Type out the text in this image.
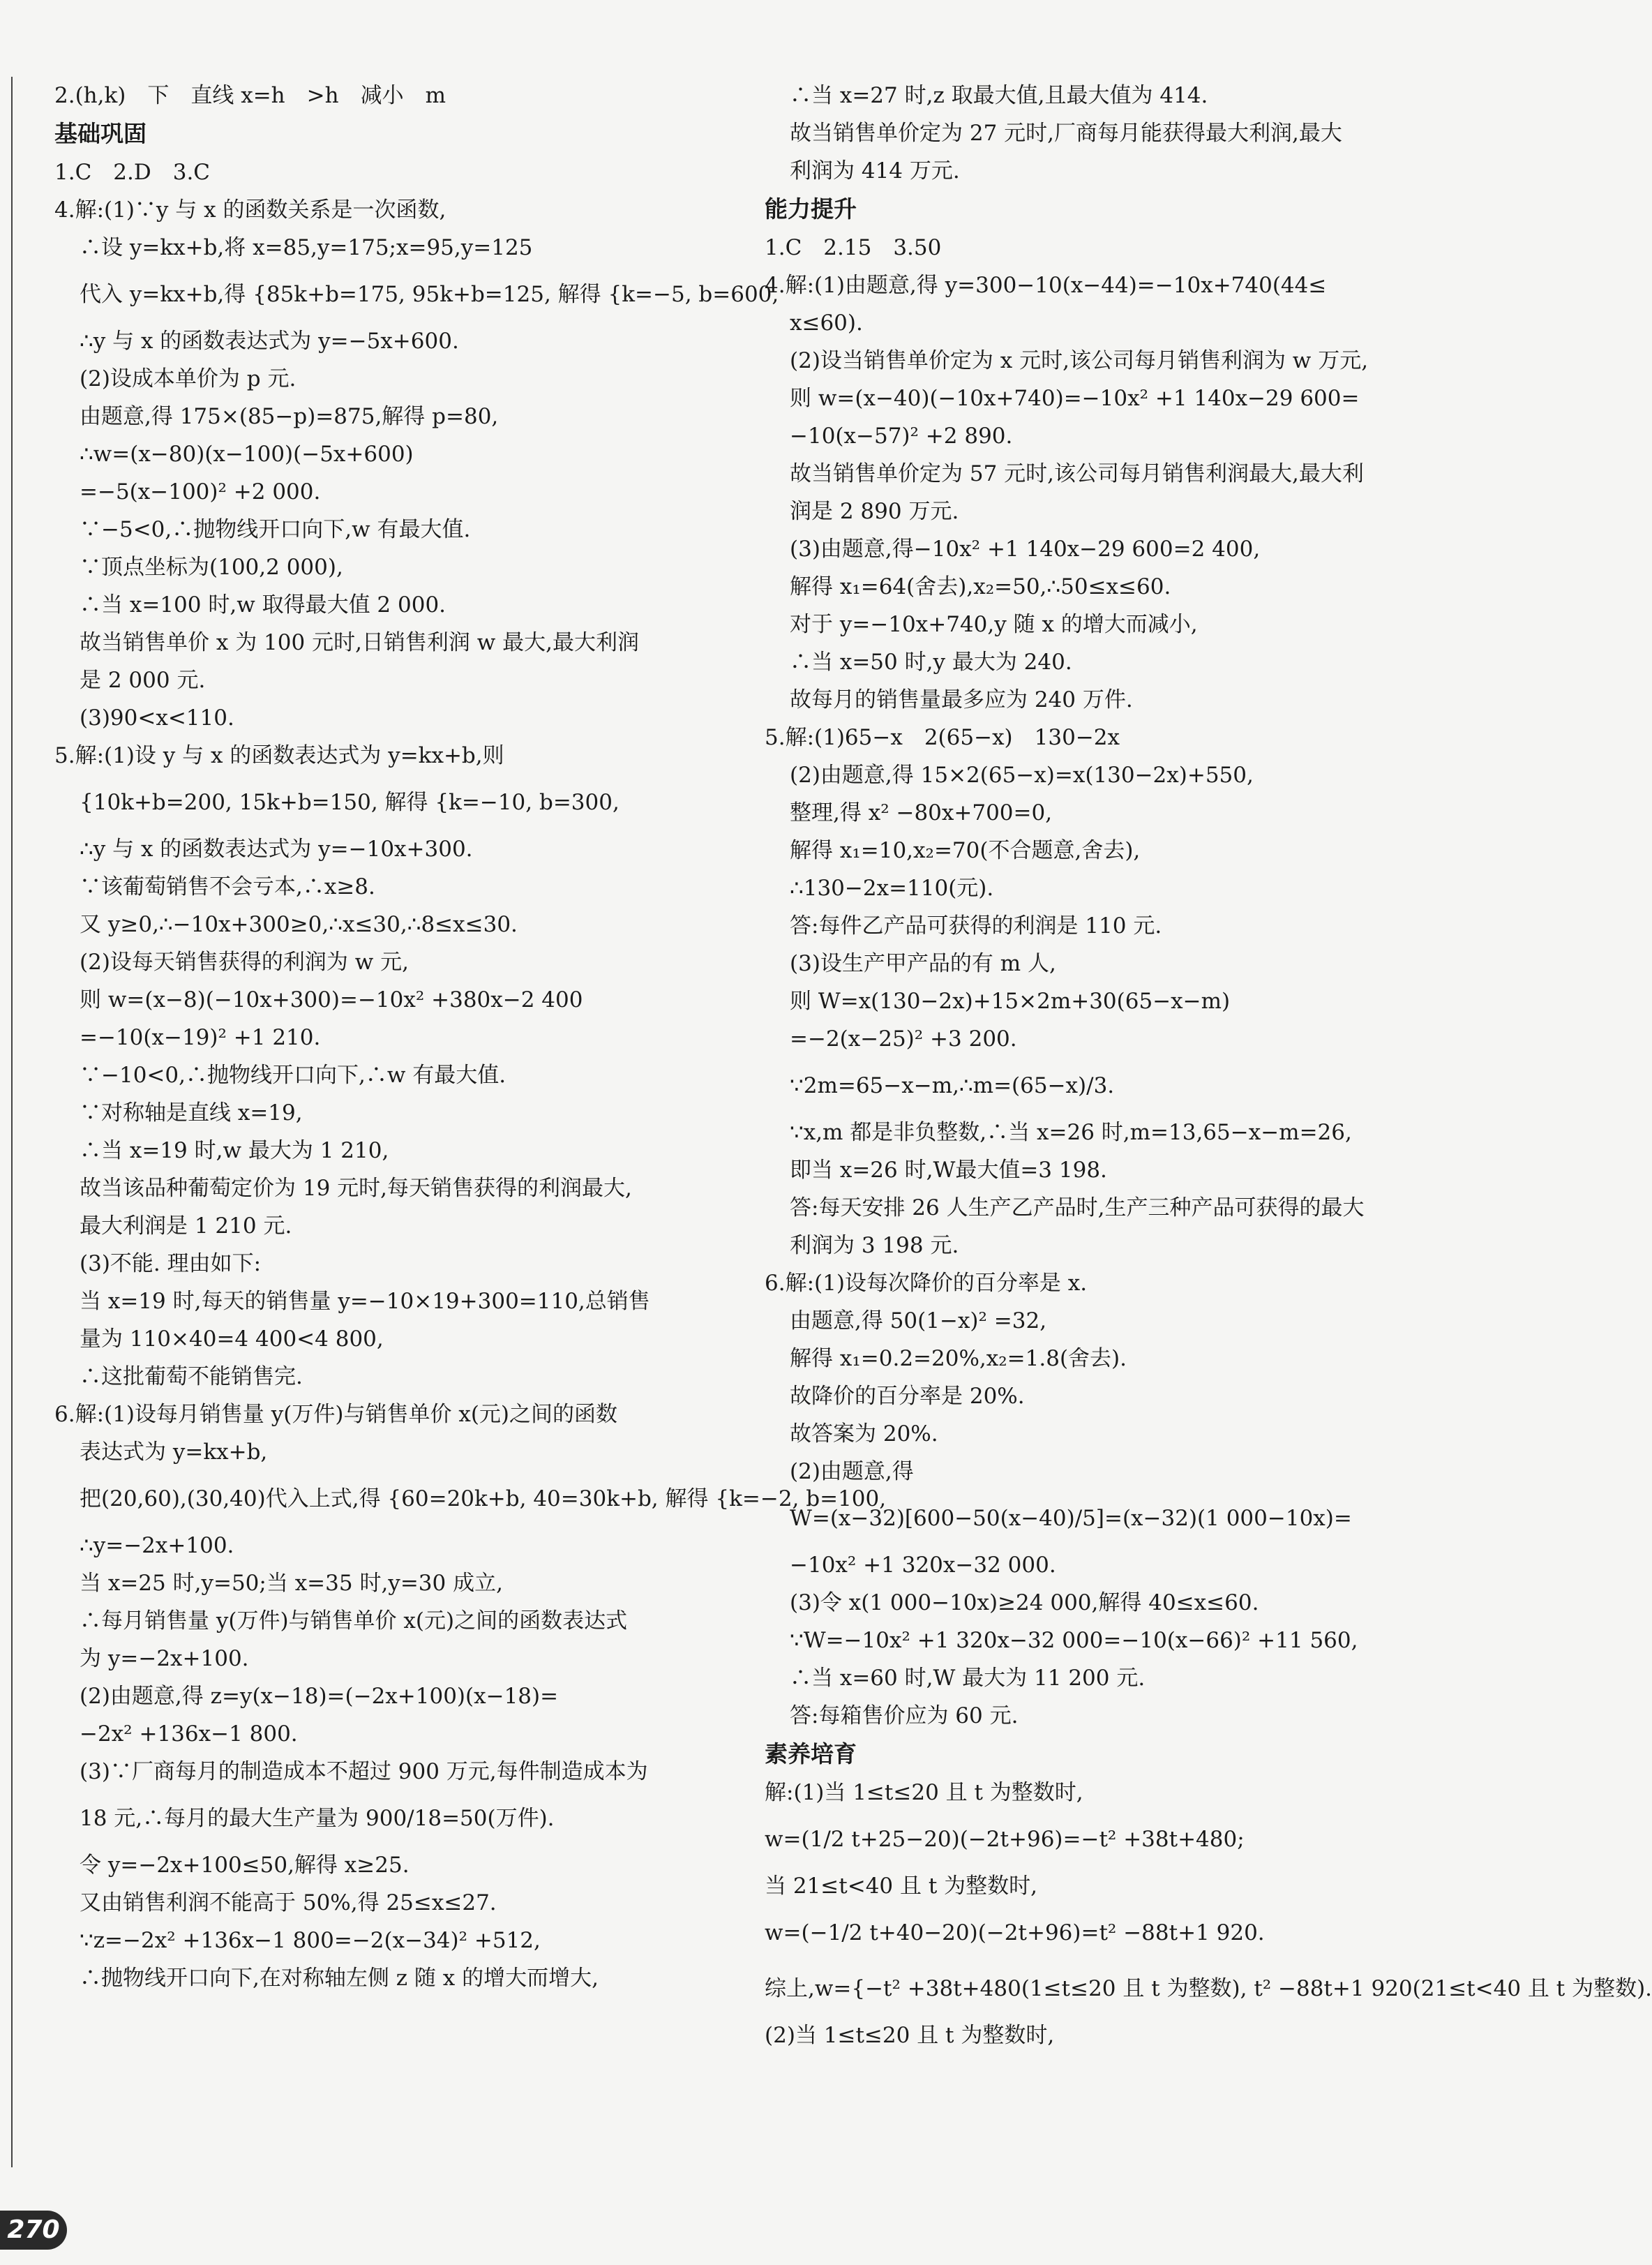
2.(h,k)　下　直线 x=h　>h　减小　m
基础巩固
1.C　2.D　3.C
4.解:(1)∵y 与 x 的函数关系是一次函数,
∴设 y=kx+b,将 x=85,y=175;x=95,y=125
代入 y=kx+b,得 {85k+b=175, 95k+b=125, 解得 {k=−5, b=600,
∴y 与 x 的函数表达式为 y=−5x+600.
(2)设成本单价为 p 元.
由题意,得 175×(85−p)=875,解得 p=80,
∴w=(x−80)(x−100)(−5x+600)
=−5(x−100)² +2 000.
∵−5<0,∴抛物线开口向下,w 有最大值.
∵顶点坐标为(100,2 000),
∴当 x=100 时,w 取得最大值 2 000.
故当销售单价 x 为 100 元时,日销售利润 w 最大,最大利润
是 2 000 元.
(3)90<x<110.
5.解:(1)设 y 与 x 的函数表达式为 y=kx+b,则
{10k+b=200, 15k+b=150, 解得 {k=−10, b=300,
∴y 与 x 的函数表达式为 y=−10x+300.
∵该葡萄销售不会亏本,∴x≥8.
又 y≥0,∴−10x+300≥0,∴x≤30,∴8≤x≤30.
(2)设每天销售获得的利润为 w 元,
则 w=(x−8)(−10x+300)=−10x² +380x−2 400
=−10(x−19)² +1 210.
∵−10<0,∴抛物线开口向下,∴w 有最大值.
∵对称轴是直线 x=19,
∴当 x=19 时,w 最大为 1 210,
故当该品种葡萄定价为 19 元时,每天销售获得的利润最大,
最大利润是 1 210 元.
(3)不能. 理由如下:
当 x=19 时,每天的销售量 y=−10×19+300=110,总销售
量为 110×40=4 400<4 800,
∴这批葡萄不能销售完.
6.解:(1)设每月销售量 y(万件)与销售单价 x(元)之间的函数
表达式为 y=kx+b,
把(20,60),(30,40)代入上式,得 {60=20k+b, 40=30k+b, 解得 {k=−2, b=100,
∴y=−2x+100.
当 x=25 时,y=50;当 x=35 时,y=30 成立,
∴每月销售量 y(万件)与销售单价 x(元)之间的函数表达式
为 y=−2x+100.
(2)由题意,得 z=y(x−18)=(−2x+100)(x−18)=
−2x² +136x−1 800.
(3)∵厂商每月的制造成本不超过 900 万元,每件制造成本为
18 元,∴每月的最大生产量为 900/18=50(万件).
令 y=−2x+100≤50,解得 x≥25.
又由销售利润不能高于 50%,得 25≤x≤27.
∵z=−2x² +136x−1 800=−2(x−34)² +512,
∴抛物线开口向下,在对称轴左侧 z 随 x 的增大而增大,
∴当 x=27 时,z 取最大值,且最大值为 414.
故当销售单价定为 27 元时,厂商每月能获得最大利润,最大
利润为 414 万元.
能力提升
1.C　2.15　3.50
4.解:(1)由题意,得 y=300−10(x−44)=−10x+740(44≤
x≤60).
(2)设当销售单价定为 x 元时,该公司每月销售利润为 w 万元,
则 w=(x−40)(−10x+740)=−10x² +1 140x−29 600=
−10(x−57)² +2 890.
故当销售单价定为 57 元时,该公司每月销售利润最大,最大利
润是 2 890 万元.
(3)由题意,得−10x² +1 140x−29 600=2 400,
解得 x₁=64(舍去),x₂=50,∴50≤x≤60.
对于 y=−10x+740,y 随 x 的增大而减小,
∴当 x=50 时,y 最大为 240.
故每月的销售量最多应为 240 万件.
5.解:(1)65−x　2(65−x)　130−2x
(2)由题意,得 15×2(65−x)=x(130−2x)+550,
整理,得 x² −80x+700=0,
解得 x₁=10,x₂=70(不合题意,舍去),
∴130−2x=110(元).
答:每件乙产品可获得的利润是 110 元.
(3)设生产甲产品的有 m 人,
则 W=x(130−2x)+15×2m+30(65−x−m)
=−2(x−25)² +3 200.
∵2m=65−x−m,∴m=(65−x)/3.
∵x,m 都是非负整数,∴当 x=26 时,m=13,65−x−m=26,
即当 x=26 时,W最大值=3 198.
答:每天安排 26 人生产乙产品时,生产三种产品可获得的最大
利润为 3 198 元.
6.解:(1)设每次降价的百分率是 x.
由题意,得 50(1−x)² =32,
解得 x₁=0.2=20%,x₂=1.8(舍去).
故降价的百分率是 20%.
故答案为 20%.
(2)由题意,得
W=(x−32)[600−50(x−40)/5]=(x−32)(1 000−10x)=
−10x² +1 320x−32 000.
(3)令 x(1 000−10x)≥24 000,解得 40≤x≤60.
∵W=−10x² +1 320x−32 000=−10(x−66)² +11 560,
∴当 x=60 时,W 最大为 11 200 元.
答:每箱售价应为 60 元.
素养培育
解:(1)当 1≤t≤20 且 t 为整数时,
w=(1/2 t+25−20)(−2t+96)=−t² +38t+480;
当 21≤t<40 且 t 为整数时,
w=(−1/2 t+40−20)(−2t+96)=t² −88t+1 920.
综上,w={−t² +38t+480(1≤t≤20 且 t 为整数), t² −88t+1 920(21≤t<40 且 t 为整数).
(2)当 1≤t≤20 且 t 为整数时,
270
